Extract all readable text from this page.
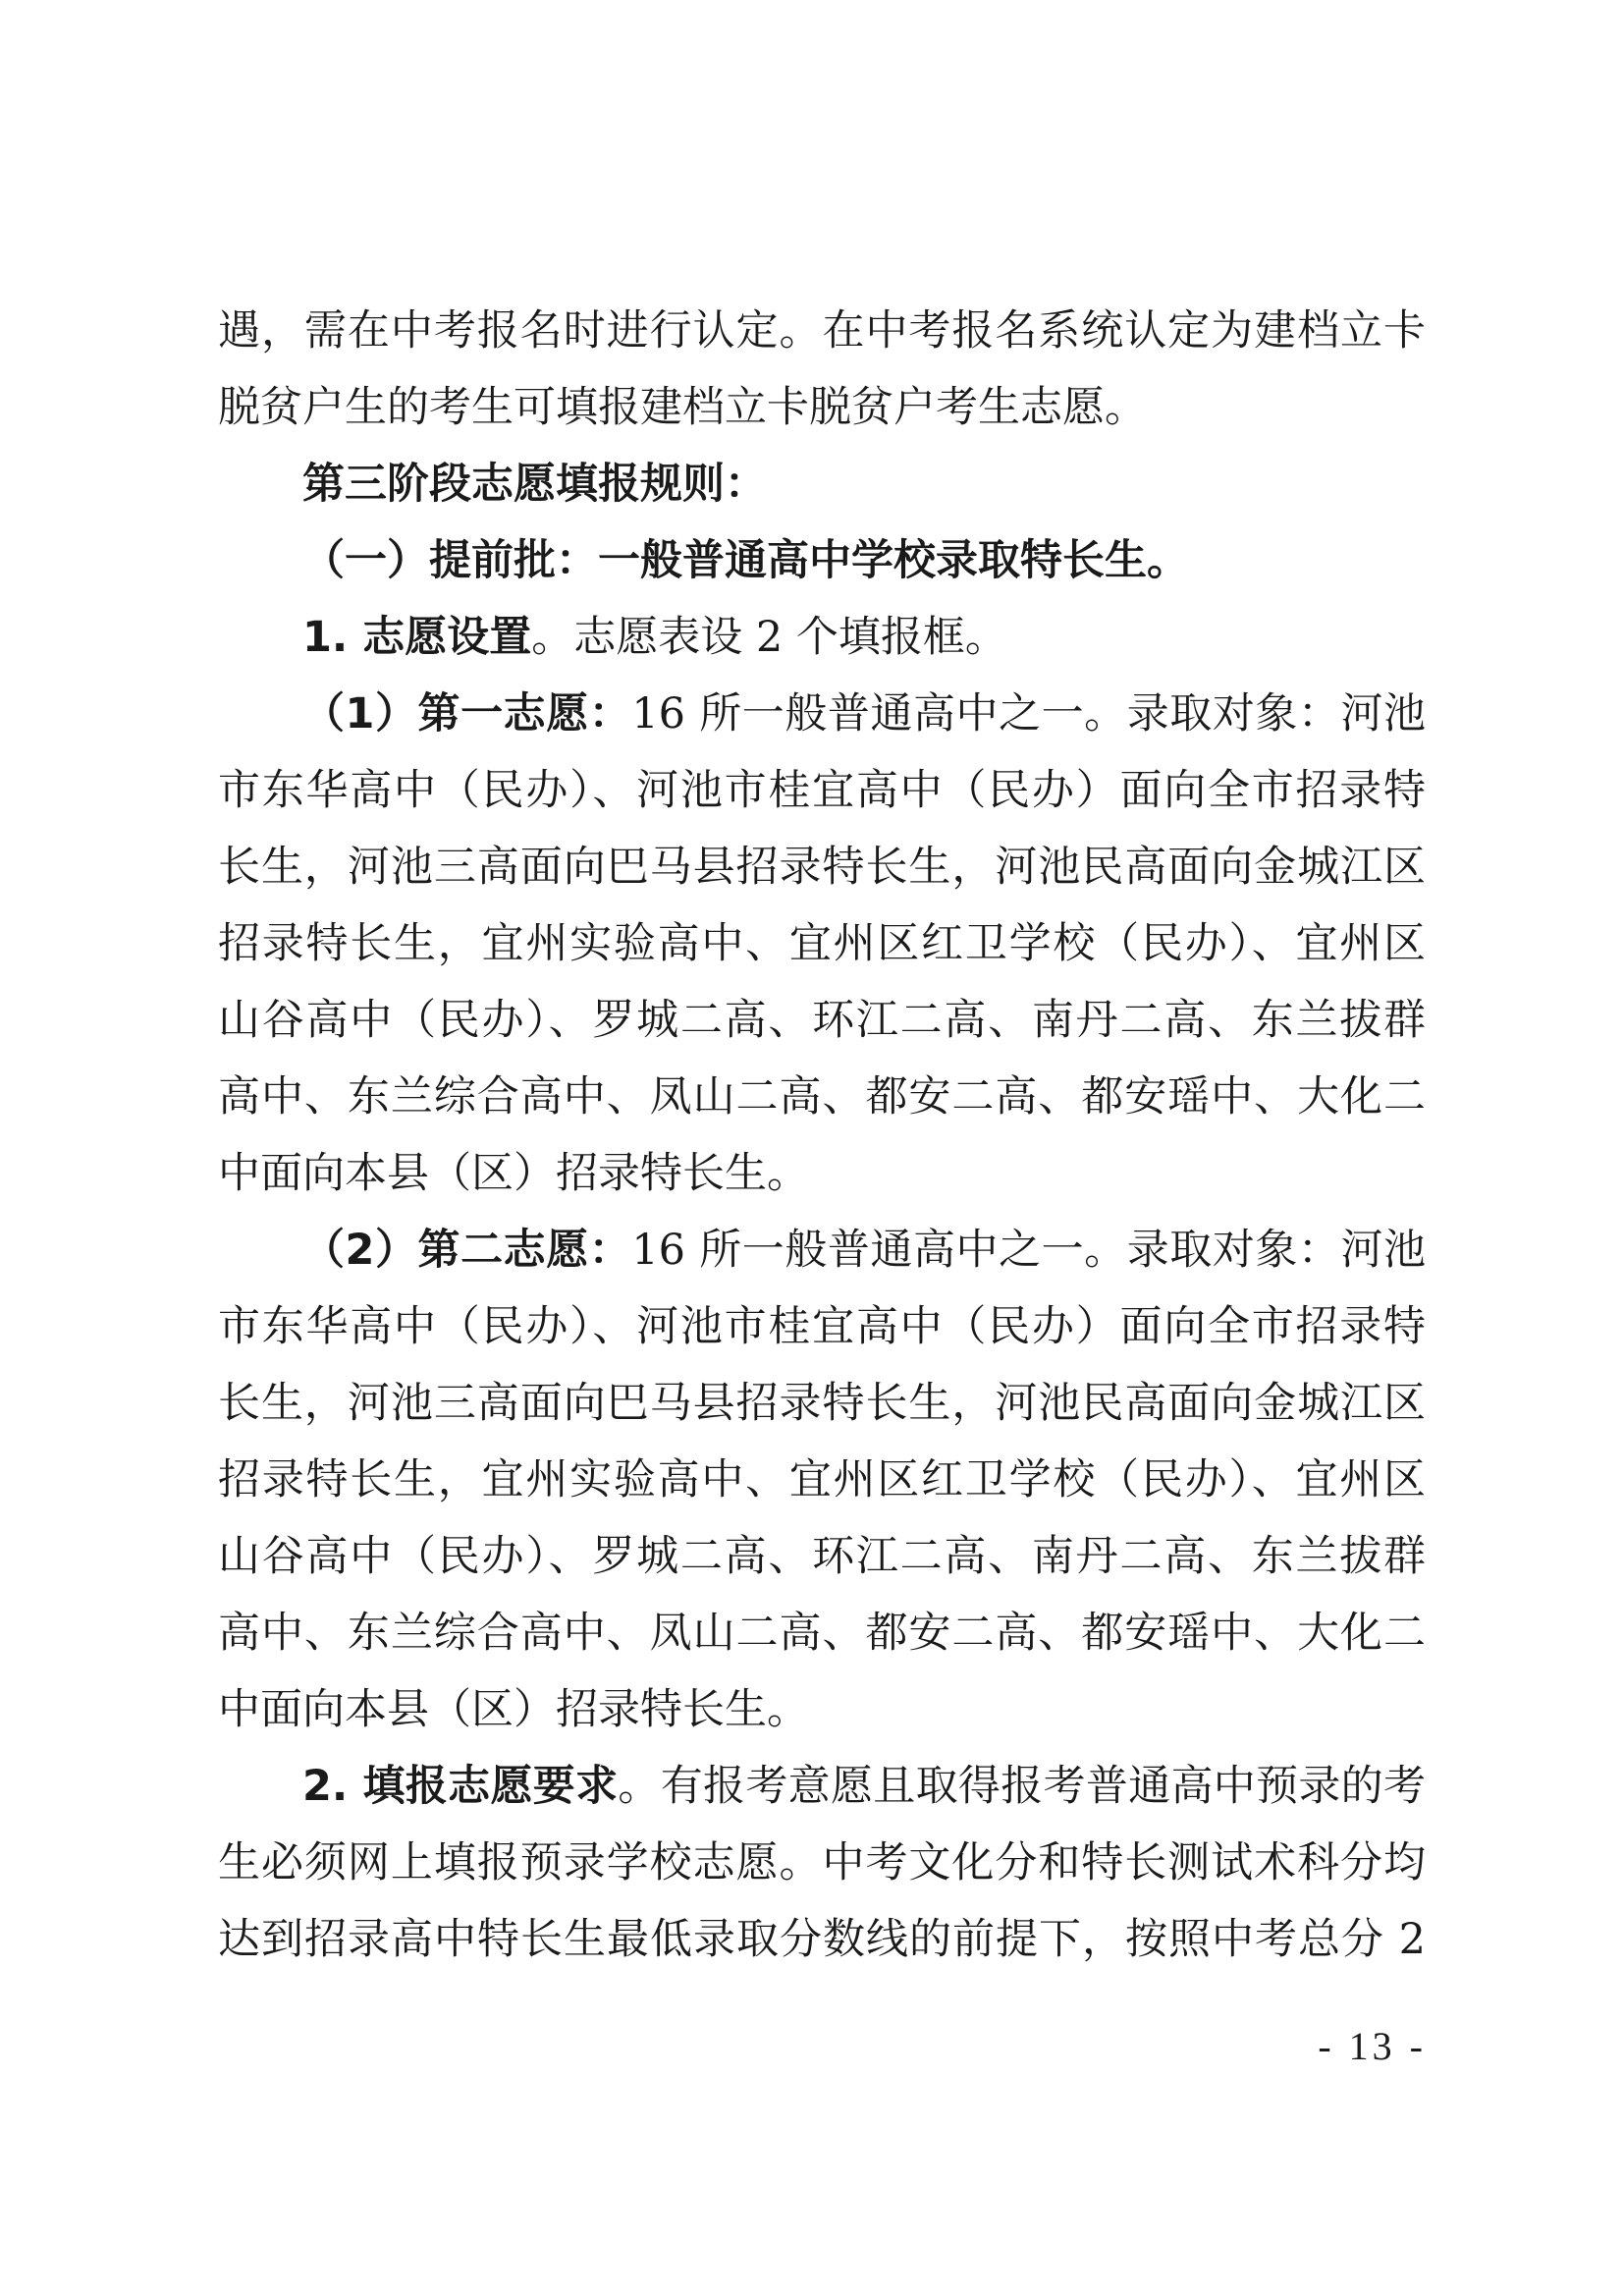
遇，需在中考报名时进行认定。在中考报名系统认定为建档立卡
脱贫户生的考生可填报建档立卡脱贫户考生志愿。
第三阶段志愿填报规则：
（一）提前批：一般普通高中学校录取特长生。
1. 志愿设置。志愿表设 2 个填报框。
（1）第一志愿：16 所一般普通高中之一。录取对象：河池
市东华高中（民办）、河池市桂宜高中（民办）面向全市招录特
长生，河池三高面向巴马县招录特长生，河池民高面向金城江区
招录特长生，宜州实验高中、宜州区红卫学校（民办）、宜州区
山谷高中（民办）、罗城二高、环江二高、南丹二高、东兰拔群
高中、东兰综合高中、凤山二高、都安二高、都安瑶中、大化二
中面向本县（区）招录特长生。
（2）第二志愿：16 所一般普通高中之一。录取对象：河池
市东华高中（民办）、河池市桂宜高中（民办）面向全市招录特
长生，河池三高面向巴马县招录特长生，河池民高面向金城江区
招录特长生，宜州实验高中、宜州区红卫学校（民办）、宜州区
山谷高中（民办）、罗城二高、环江二高、南丹二高、东兰拔群
高中、东兰综合高中、凤山二高、都安二高、都安瑶中、大化二
中面向本县（区）招录特长生。
2. 填报志愿要求。有报考意愿且取得报考普通高中预录的考
生必须网上填报预录学校志愿。中考文化分和特长测试术科分均
达到招录高中特长生最低录取分数线的前提下，按照中考总分 2
- 13 -
